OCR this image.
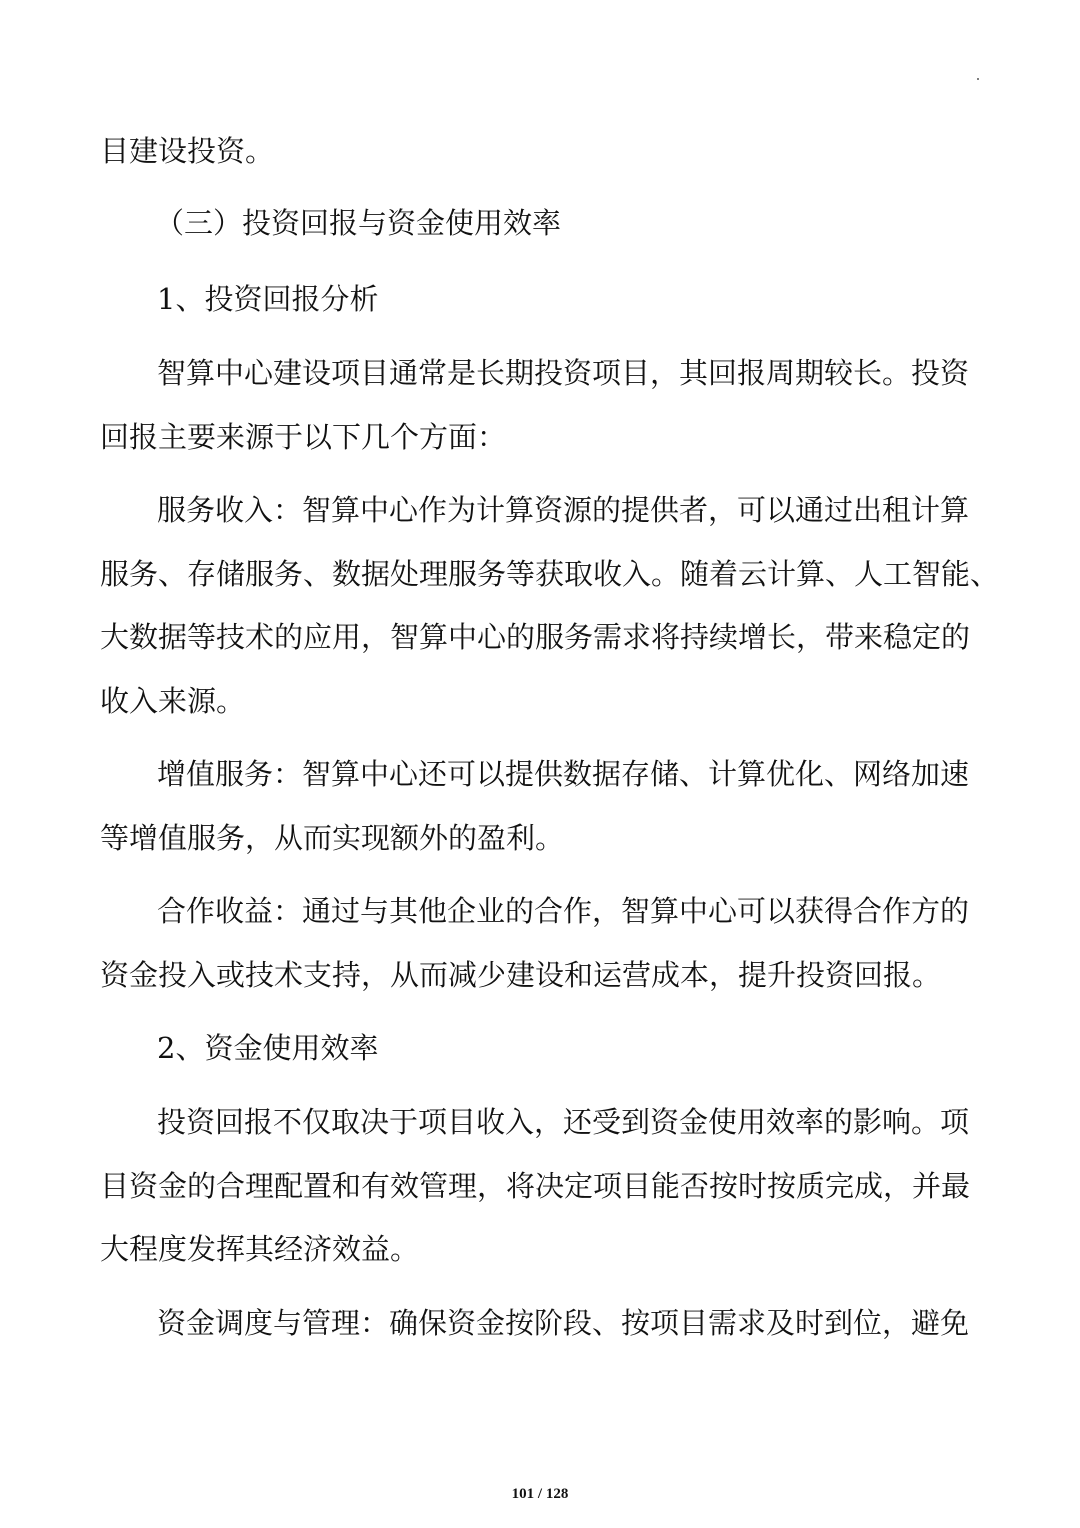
目建设投资。
（三）投资回报与资金使用效率
1、投资回报分析
智算中心建设项目通常是长期投资项目，其回报周期较长。投资
回报主要来源于以下几个方面：
服务收入：智算中心作为计算资源的提供者，可以通过出租计算
服务、存储服务、数据处理服务等获取收入。随着云计算、人工智能、
大数据等技术的应用，智算中心的服务需求将持续增长，带来稳定的
收入来源。
增值服务：智算中心还可以提供数据存储、计算优化、网络加速
等增值服务，从而实现额外的盈利。
合作收益：通过与其他企业的合作，智算中心可以获得合作方的
资金投入或技术支持，从而减少建设和运营成本，提升投资回报。
2、资金使用效率
投资回报不仅取决于项目收入，还受到资金使用效率的影响。项
目资金的合理配置和有效管理，将决定项目能否按时按质完成，并最
大程度发挥其经济效益。
资金调度与管理：确保资金按阶段、按项目需求及时到位，避免
101 / 128
